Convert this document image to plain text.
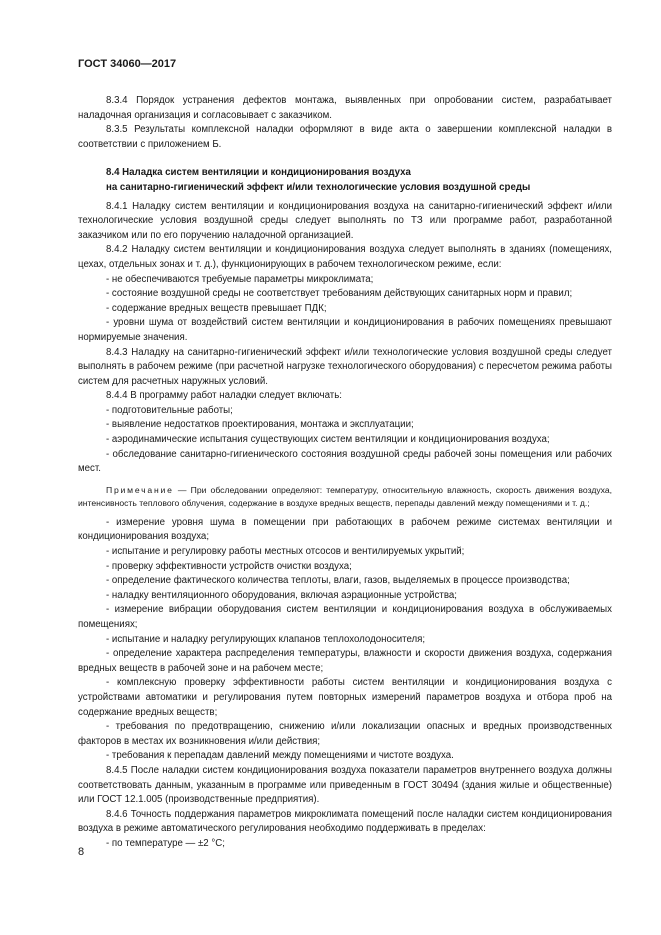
ГОСТ 34060—2017

8.3.4 Порядок устранения дефектов монтажа, выявленных при опробовании систем, разрабатывает наладочная организация и согласовывает с заказчиком.

8.3.5 Результаты комплексной наладки оформляют в виде акта о завершении комплексной наладки в соответствии с приложением Б.

8.4 Наладка систем вентиляции и кондиционирования воздуха

на санитарно-гигиенический эффект и/или технологические условия воздушной среды

8.4.1 Наладку систем вентиляции и кондиционирования воздуха на санитарно-гигиенический эффект и/или технологические условия воздушной среды следует выполнять по ТЗ или программе работ, разработанной заказчиком или по его поручению наладочной организацией.

8.4.2 Наладку систем вентиляции и кондиционирования воздуха следует выполнять в зданиях (помещениях, цехах, отдельных зонах и т. д.), функционирующих в рабочем технологическом режиме, если:

- не обеспечиваются требуемые параметры микроклимата;

- состояние воздушной среды не соответствует требованиям действующих санитарных норм и правил;

- содержание вредных веществ превышает ПДК;

- уровни шума от воздействий систем вентиляции и кондиционирования в рабочих помещениях превышают нормируемые значения.

8.4.3 Наладку на санитарно-гигиенический эффект и/или технологические условия воздушной среды следует выполнять в рабочем режиме (при расчетной нагрузке технологического оборудования) с пересчетом режима работы систем для расчетных наружных условий.

8.4.4 В программу работ наладки следует включать:

- подготовительные работы;

- выявление недостатков проектирования, монтажа и эксплуатации;

- аэродинамические испытания существующих систем вентиляции и кондиционирования воздуха;

- обследование санитарно-гигиенического состояния воздушной среды рабочей зоны помещения или рабочих мест.

Примечание — При обследовании определяют: температуру, относительную влажность, скорость движения воздуха, интенсивность теплового облучения, содержание в воздухе вредных веществ, перепады давлений между помещениями и т. д.;

- измерение уровня шума в помещении при работающих в рабочем режиме системах вентиляции и кондиционирования воздуха;

- испытание и регулировку работы местных отсосов и вентилируемых укрытий;

- проверку эффективности устройств очистки воздуха;

- определение фактического количества теплоты, влаги, газов, выделяемых в процессе производства;

- наладку вентиляционного оборудования, включая аэрационные устройства;

- измерение вибрации оборудования систем вентиляции и кондиционирования воздуха в обслуживаемых помещениях;

- испытание и наладку регулирующих клапанов теплохолодоносителя;

- определение характера распределения температуры, влажности и скорости движения воздуха, содержания вредных веществ в рабочей зоне и на рабочем месте;

- комплексную проверку эффективности работы систем вентиляции и кондиционирования воздуха с устройствами автоматики и регулирования путем повторных измерений параметров воздуха и отбора проб на содержание вредных веществ;

- требования по предотвращению, снижению и/или локализации опасных и вредных производственных факторов в местах их возникновения и/или действия;

- требования к перепадам давлений между помещениями и чистоте воздуха.

8.4.5 После наладки систем кондиционирования воздуха показатели параметров внутреннего воздуха должны соответствовать данным, указанным в программе или приведенным в ГОСТ 30494 (здания жилые и общественные) или ГОСТ 12.1.005 (производственные предприятия).

8.4.6 Точность поддержания параметров микроклимата помещений после наладки систем кондиционирования воздуха в режиме автоматического регулирования необходимо поддерживать в пределах:

- по температуре — ±2 °С;

8
